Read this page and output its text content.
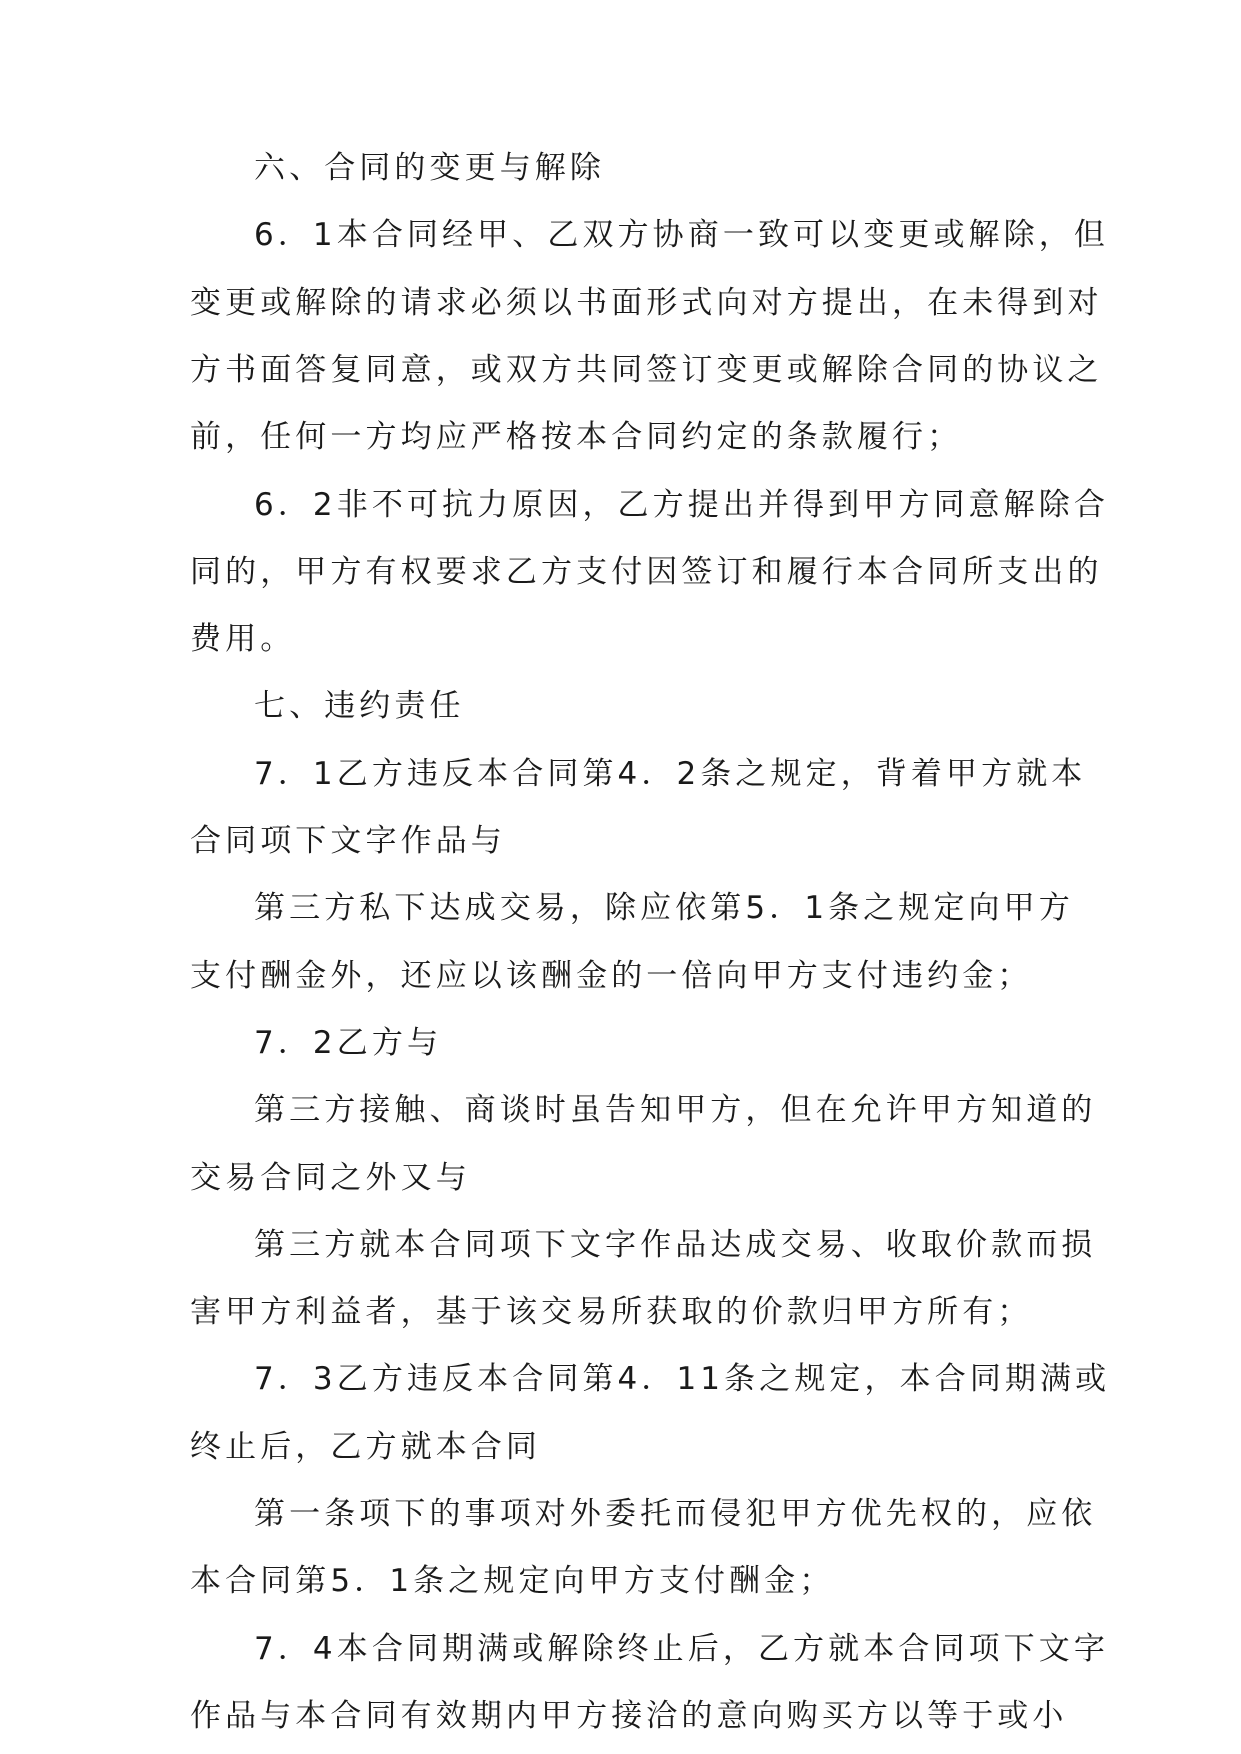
六、合同的变更与解除
6．1本合同经甲、乙双方协商一致可以变更或解除，但
变更或解除的请求必须以书面形式向对方提出，在未得到对
方书面答复同意，或双方共同签订变更或解除合同的协议之
前，任何一方均应严格按本合同约定的条款履行；
6．2非不可抗力原因，乙方提出并得到甲方同意解除合
同的，甲方有权要求乙方支付因签订和履行本合同所支出的
费用。
七、违约责任
7．1乙方违反本合同第4．2条之规定，背着甲方就本
合同项下文字作品与
第三方私下达成交易，除应依第5．1条之规定向甲方
支付酬金外，还应以该酬金的一倍向甲方支付违约金；
7．2乙方与
第三方接触、商谈时虽告知甲方，但在允许甲方知道的
交易合同之外又与
第三方就本合同项下文字作品达成交易、收取价款而损
害甲方利益者，基于该交易所获取的价款归甲方所有；
7．3乙方违反本合同第4．11条之规定，本合同期满或
终止后，乙方就本合同
第一条项下的事项对外委托而侵犯甲方优先权的，应依
本合同第5．1条之规定向甲方支付酬金；
7．4本合同期满或解除终止后，乙方就本合同项下文字
作品与本合同有效期内甲方接洽的意向购买方以等于或小
